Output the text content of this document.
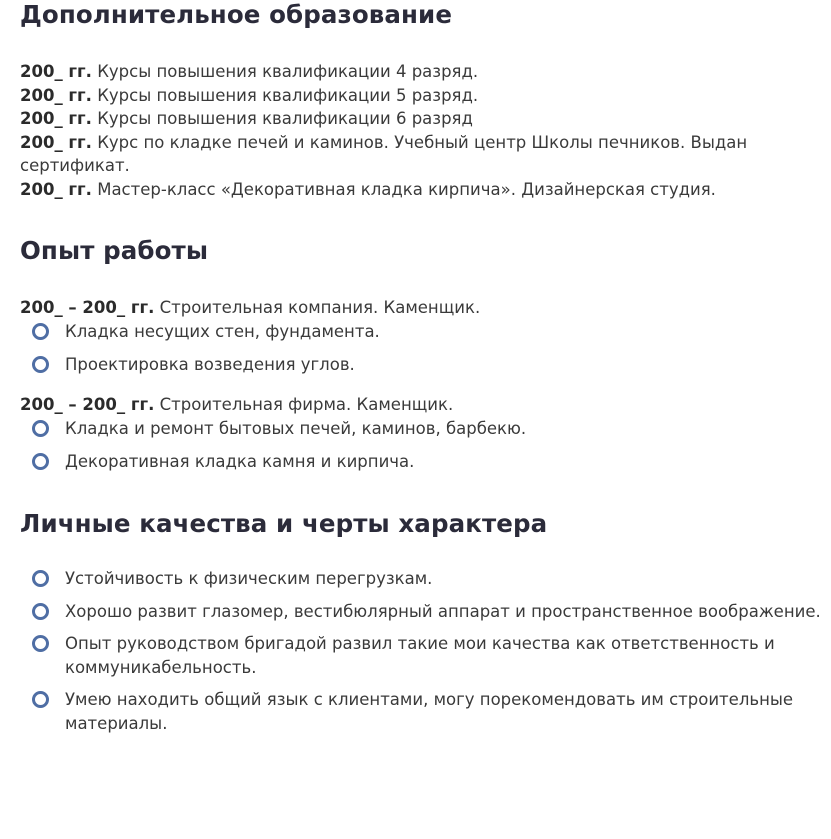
Дополнительное образование
200_ гг. Курсы повышения квалификации 4 разряд.
200_ гг. Курсы повышения квалификации 5 разряд.
200_ гг. Курсы повышения квалификации 6 разряд
200_ гг. Курс по кладке печей и каминов. Учебный центр Школы печников. Выдан сертификат.
200_ гг. Мастер-класс «Декоративная кладка кирпича». Дизайнерская студия.
Опыт работы
200_ – 200_ гг. Строительная компания. Каменщик.
Кладка несущих стен, фундамента.
Проектировка возведения углов.
200_ – 200_ гг. Строительная фирма. Каменщик.
Кладка и ремонт бытовых печей, каминов, барбекю.
Декоративная кладка камня и кирпича.
Личные качества и черты характера
Устойчивость к физическим перегрузкам.
Хорошо развит глазомер, вестибюлярный аппарат и пространственное воображение.
Опыт руководством бригадой развил такие мои качества как ответственность и коммуникабельность.
Умею находить общий язык с клиентами, могу порекомендовать им строительные материалы.
